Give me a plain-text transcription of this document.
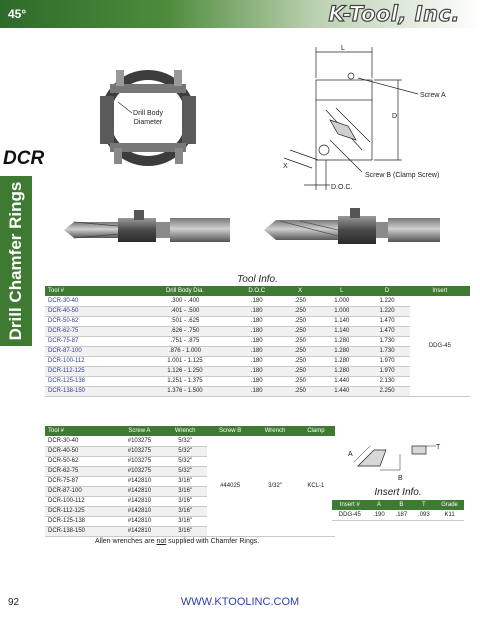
45°	K-Tool, Inc.
DCR
Drill Chamfer Rings
Drill Body
Diameter
L
D
X
D.O.C.
Screw A
Screw B (Clamp Screw)
Tool Info.
Tool #	Drill Body Dia.	D.O.C	X	L	D	Insert
DCR-30-40	.300 - .400	.180	.250	1.000	1.220	DDG-45
DCR-40-50	.401 - .500	.180	.250	1.000	1.220	
DCR-50-62	.501 - .625	.180	.250	1.140	1.470	
DCR-62-75	.626 - .750	.180	.250	1.140	1.470	
DCR-75-87	.751 - .875	.180	.250	1.280	1.730	
DCR-87-100	.876 - 1.000	.180	.250	1.280	1.730	
DCR-100-112	1.001 - 1.125	.180	.250	1.280	1.970	
DCR-112-125	1.126 - 1.250	.180	.250	1.280	1.970	
DCR-125-138	1.251 - 1.375	.180	.250	1.440	2.130	
DCR-138-150	1.376 - 1.500	.180	.250	1.440	2.250	
Tool #	Screw A	Wrench	Screw B	Wrench	Clamp
DCR-30-40	#103275	5/32"	#44025	3/32"	KCL-1
DCR-40-50	#103275	5/32"			
DCR-50-62	#103275	5/32"			
DCR-62-75	#103275	5/32"			
DCR-75-87	#142810	3/16"			
DCR-87-100	#142810	3/16"			
DCR-100-112	#142810	3/16"			
DCR-112-125	#142810	3/16"			
DCR-125-138	#142810	3/16"			
DCR-138-150	#142810	3/16"			
A
B
T
Insert Info.
Insert #	A	B	T	Grade
DDG-45	.190	.187	.093	K11
Allen wrenches are not supplied with Chamfer Rings.
WWW.KTOOLINC.COM
92
